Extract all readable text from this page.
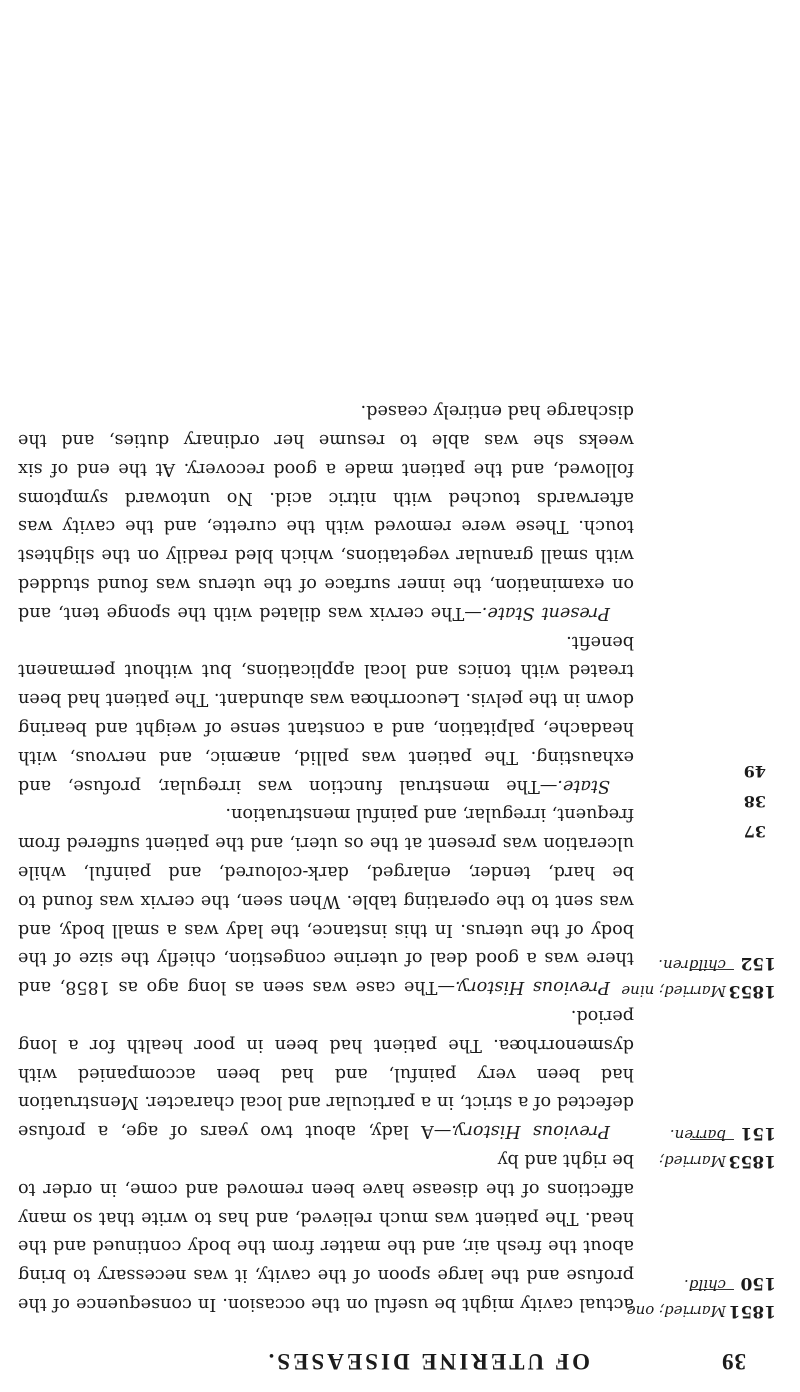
39
OF UTERINE DISEASES.
1851
150
Married; one child.
1853
151
Married; barren.
1853
152
Married; nine children.
37
38
49

actual cavity might be useful on the occasion. In consequence of the profuse and the large spoon of the cavity, it was necessary to bring about the fresh air, and the matter from the body continued and the head. The patient was much relieved, and has to write that so many affections of the disease have been removed and come, in order to be right and by

Previous History.—A lady, about two years of age, a profuse defected of a strict, in a particular and local character. Menstruation had been very painful, and had been accompanied with dysmenorrhœa. The patient had been in poor health for a long period.

Previous History.—The case was seen as long ago as 1858, and there was a good deal of uterine congestion, chiefly the size of the body of the uterus. In this instance, the lady was a small body, and was sent to the operating table. When seen, the cervix was found to be hard, tender, enlarged, dark-coloured, and painful, while ulceration was present at the os uteri, and the patient suffered from frequent, irregular, and painful menstruation.

State.—The menstrual function was irregular, profuse, and exhausting. The patient was pallid, anæmic, and nervous, with headache, palpitation, and a constant sense of weight and bearing down in the pelvis. Leucorrhœa was abundant. The patient had been treated with tonics and local applications, but without permanent benefit.

Present State.—The cervix was dilated with the sponge tent, and on examination, the inner surface of the uterus was found studded with small granular vegetations, which bled readily on the slightest touch. These were removed with the curette, and the cavity was afterwards touched with nitric acid. No untoward symptoms followed, and the patient made a good recovery. At the end of six weeks she was able to resume her ordinary duties, and the discharge had entirely ceased.
